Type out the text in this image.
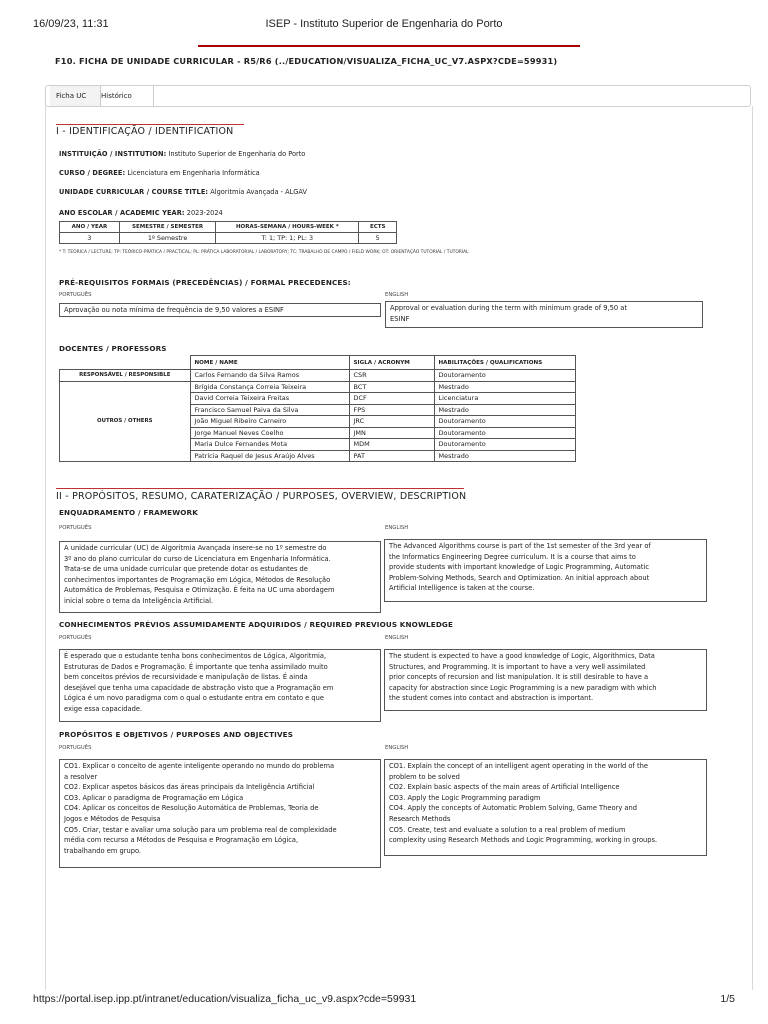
16/09/23, 11:31	ISEP - Instituto Superior de Engenharia do Porto
F10. FICHA DE UNIDADE CURRICULAR - R5/R6 (../EDUCATION/VISUALIZA_FICHA_UC_V7.ASPX?CDE=59931)
Ficha UC	Histórico
I - IDENTIFICAÇÃO / IDENTIFICATION
INSTITUIÇÃO / INSTITUTION: Instituto Superior de Engenharia do Porto
CURSO / DEGREE: Licenciatura em Engenharia Informática
UNIDADE CURRICULAR / COURSE TITLE: Algoritmia Avançada - ALGAV
ANO ESCOLAR / ACADEMIC YEAR: 2023-2024
ANO / YEAR	SEMESTRE / SEMESTER	HORAS-SEMANA / HOURS-WEEK *	ECTS
3	1º Semestre	T: 1; TP: 1; PL: 3	5
* T: TEÓRICA / LECTURE; TP: TEÓRICO-PRÁTICA / PRACTICAL; PL: PRÁTICA LABORATORIAL / LABORATORY; TC: TRABALHO DE CAMPO / FIELD WORK; OT: ORIENTAÇÃO TUTORIAL / TUTORIAL
PRÉ-REQUISITOS FORMAIS (PRECEDÊNCIAS) / FORMAL PRECEDENCES:
PORTUGUÊS	ENGLISH
Aprovação ou nota mínima de frequência de 9,50 valores a ESINF	Approval or evaluation during the term with minimum grade of 9,50 at
ESINF
DOCENTES / PROFESSORS
	NOME / NAME	SIGLA / ACRONYM	HABILITAÇÕES / QUALIFICATIONS
RESPONSÁVEL / RESPONSIBLE	Carlos Fernando da Silva Ramos	CSR	Doutoramento
OUTROS / OTHERS	Brígida Constança Correia Teixeira	BCT	Mestrado
	David Correia Teixeira Freitas	DCF	Licenciatura
	Francisco Samuel Paiva da Silva	FPS	Mestrado
	João Miguel Ribeiro Carneiro	JRC	Doutoramento
	Jorge Manuel Neves Coelho	JMN	Doutoramento
	Maria Dulce Fernandes Mota	MDM	Doutoramento
	Patrícia Raquel de Jesus Araújo Alves	PAT	Mestrado
II - PROPÓSITOS, RESUMO, CARATERIZAÇÃO / PURPOSES, OVERVIEW, DESCRIPTION
ENQUADRAMENTO / FRAMEWORK
PORTUGUÊS	ENGLISH
A unidade curricular (UC) de Algoritmia Avançada insere-se no 1º semestre do
3º ano do plano curricular do curso de Licenciatura em Engenharia Informática.
Trata-se de uma unidade curricular que pretende dotar os estudantes de
conhecimentos importantes de Programação em Lógica, Métodos de Resolução
Automática de Problemas, Pesquisa e Otimização. É feita na UC uma abordagem
inicial sobre o tema da Inteligência Artificial.
The Advanced Algorithms course is part of the 1st semester of the 3rd year of
the Informatics Engineering Degree curriculum. It is a course that aims to
provide students with important knowledge of Logic Programming, Automatic
Problem-Solving Methods, Search and Optimization. An initial approach about
Artificial Intelligence is taken at the course.
CONHECIMENTOS PRÉVIOS ASSUMIDAMENTE ADQUIRIDOS / REQUIRED PREVIOUS KNOWLEDGE
PORTUGUÊS	ENGLISH
É esperado que o estudante tenha bons conhecimentos de Lógica, Algoritmia,
Estruturas de Dados e Programação. É importante que tenha assimilado muito
bem conceitos prévios de recursividade e manipulação de listas. É ainda
desejável que tenha uma capacidade de abstração visto que a Programação em
Lógica é um novo paradigma com o qual o estudante entra em contato e que
exige essa capacidade.
The student is expected to have a good knowledge of Logic, Algorithmics, Data
Structures, and Programming. It is important to have a very well assimilated
prior concepts of recursion and list manipulation. It is still desirable to have a
capacity for abstraction since Logic Programming is a new paradigm with which
the student comes into contact and abstraction is important.
PROPÓSITOS E OBJETIVOS / PURPOSES AND OBJECTIVES
PORTUGUÊS	ENGLISH
CO1. Explicar o conceito de agente inteligente operando no mundo do problema
a resolver
CO2. Explicar aspetos básicos das áreas principais da Inteligência Artificial
CO3. Aplicar o paradigma de Programação em Lógica
CO4. Aplicar os conceitos de Resolução Automática de Problemas, Teoria de
Jogos e Métodos de Pesquisa
CO5. Criar, testar e avaliar uma solução para um problema real de complexidade
média com recurso a Métodos de Pesquisa e Programação em Lógica,
trabalhando em grupo.
CO1. Explain the concept of an intelligent agent operating in the world of the
problem to be solved
CO2. Explain basic aspects of the main areas of Artificial Intelligence
CO3. Apply the Logic Programming paradigm
CO4. Apply the concepts of Automatic Problem Solving, Game Theory and
Research Methods
CO5. Create, test and evaluate a solution to a real problem of medium
complexity using Research Methods and Logic Programming, working in groups.
https://portal.isep.ipp.pt/intranet/education/visualiza_ficha_uc_v9.aspx?cde=59931	1/5
